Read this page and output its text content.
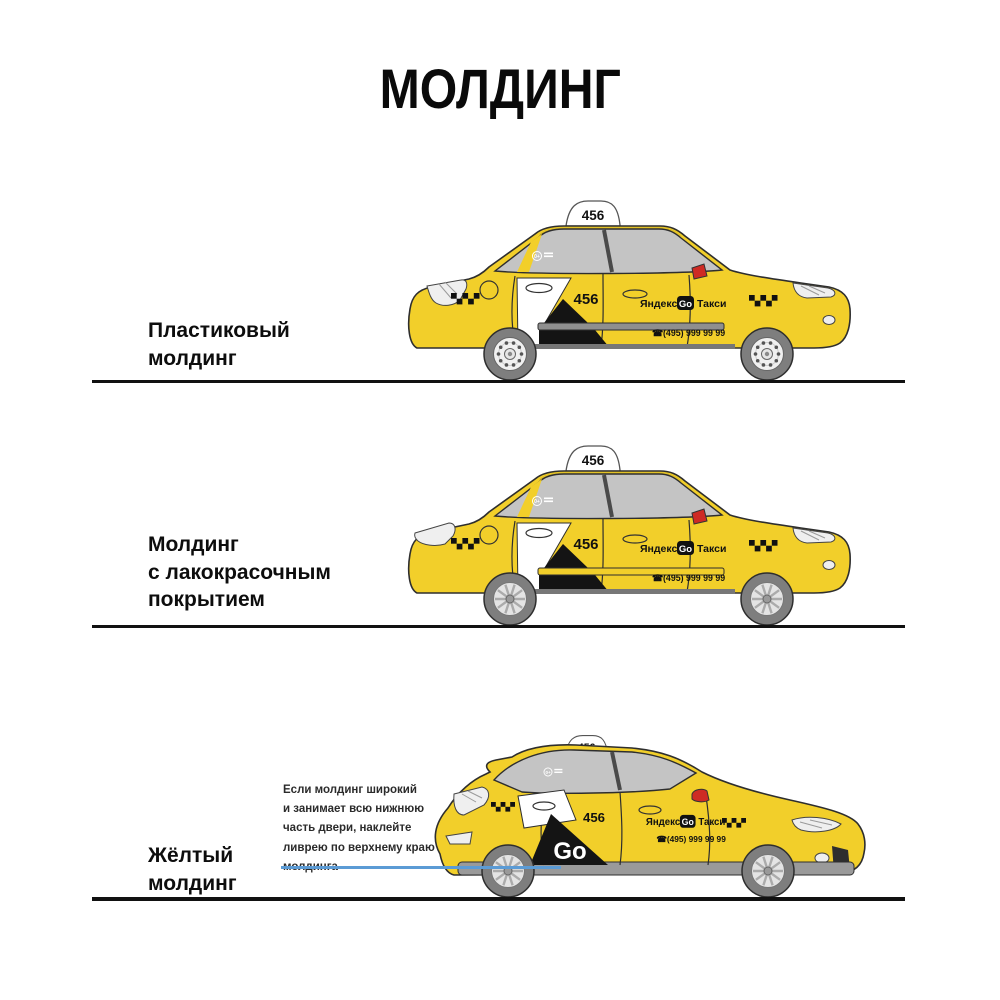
МОЛДИНГ
Пластиковый
молдинг
Молдинг
с лакокрасочным
покрытием
Жёлтый
молдинг
Если молдинг широкий
и занимает всю нижнюю
часть двери, наклейте
ливрею по верхнему краю	Go
